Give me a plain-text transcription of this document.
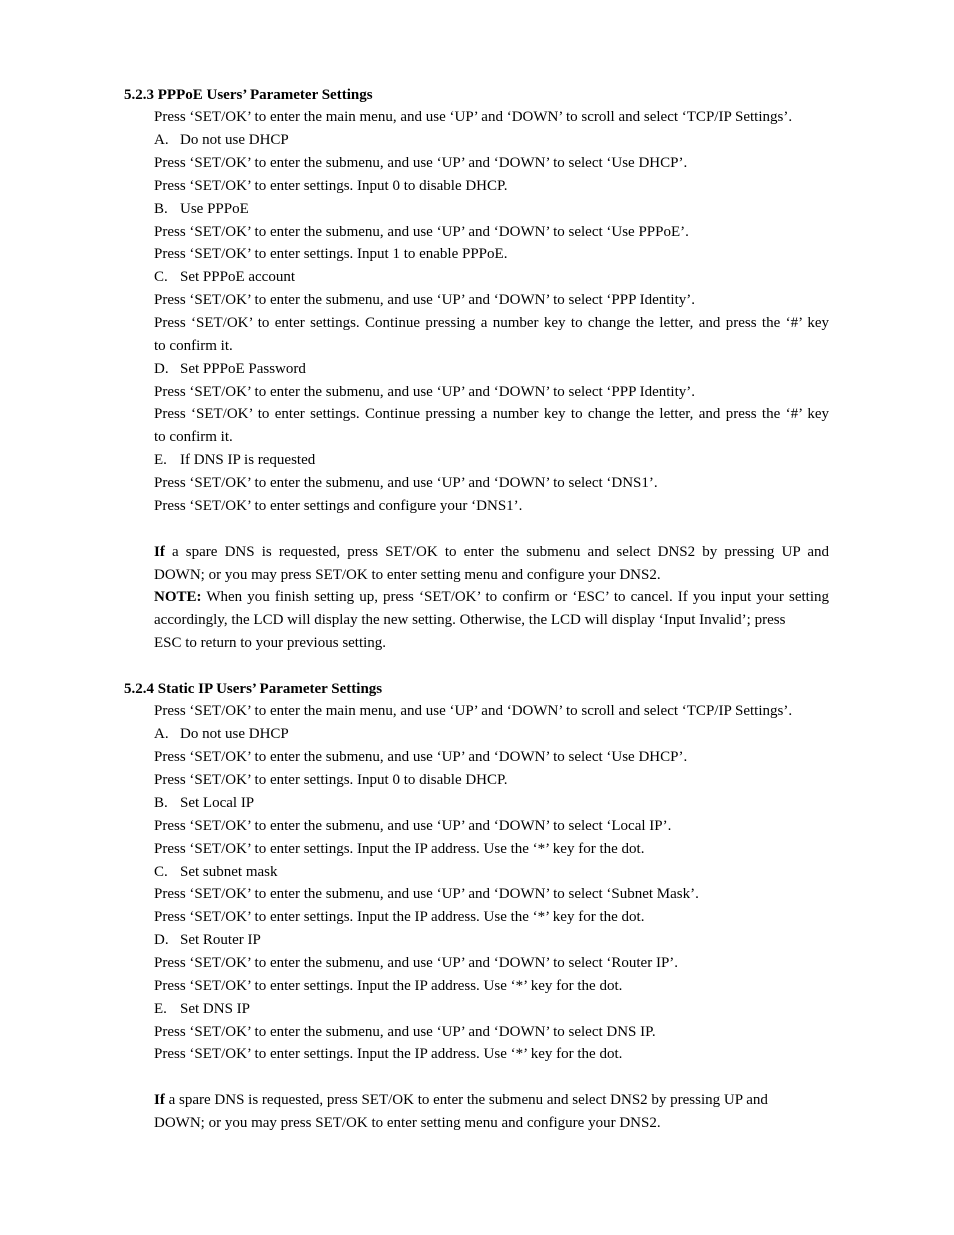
5.2.3 PPPoE Users’ Parameter Settings
Press ‘SET/OK’ to enter the main menu, and use ‘UP’ and ‘DOWN’ to scroll and select ‘TCP/IP Settings’.
A. Do not use DHCP
Press ‘SET/OK’ to enter the submenu, and use ‘UP’ and ‘DOWN’ to select ‘Use DHCP’.
Press ‘SET/OK’ to enter settings. Input 0 to disable DHCP.
B. Use PPPoE
Press ‘SET/OK’ to enter the submenu, and use ‘UP’ and ‘DOWN’ to select ‘Use PPPoE’.
Press ‘SET/OK’ to enter settings. Input 1 to enable PPPoE.
C. Set PPPoE account
Press ‘SET/OK’ to enter the submenu, and use ‘UP’ and ‘DOWN’ to select ‘PPP Identity’.
Press ‘SET/OK’ to enter settings. Continue pressing a number key to change the letter, and press the ‘#’ key
to confirm it.
D. Set PPPoE Password
Press ‘SET/OK’ to enter the submenu, and use ‘UP’ and ‘DOWN’ to select ‘PPP Identity’.
Press ‘SET/OK’ to enter settings. Continue pressing a number key to change the letter, and press the ‘#’ key
to confirm it.
E. If DNS IP is requested
Press ‘SET/OK’ to enter the submenu, and use ‘UP’ and ‘DOWN’ to select ‘DNS1’.
Press ‘SET/OK’ to enter settings and configure your ‘DNS1’.
If a spare DNS is requested, press SET/OK to enter the submenu and select DNS2 by pressing UP and
DOWN; or you may press SET/OK to enter setting menu and configure your DNS2.
NOTE: When you finish setting up, press ‘SET/OK’ to confirm or ‘ESC’ to cancel. If you input your setting
accordingly, the LCD will display the new setting. Otherwise, the LCD will display ‘Input Invalid’; press
ESC to return to your previous setting.
5.2.4 Static IP Users’ Parameter Settings
Press ‘SET/OK’ to enter the main menu, and use ‘UP’ and ‘DOWN’ to scroll and select ‘TCP/IP Settings’.
A. Do not use DHCP
Press ‘SET/OK’ to enter the submenu, and use ‘UP’ and ‘DOWN’ to select ‘Use DHCP’.
Press ‘SET/OK’ to enter settings. Input 0 to disable DHCP.
B. Set Local IP
Press ‘SET/OK’ to enter the submenu, and use ‘UP’ and ‘DOWN’ to select ‘Local IP’.
Press ‘SET/OK’ to enter settings. Input the IP address. Use the ‘*’ key for the dot.
C. Set subnet mask
Press ‘SET/OK’ to enter the submenu, and use ‘UP’ and ‘DOWN’ to select ‘Subnet Mask’.
Press ‘SET/OK’ to enter settings. Input the IP address. Use the ‘*’ key for the dot.
D. Set Router IP
Press ‘SET/OK’ to enter the submenu, and use ‘UP’ and ‘DOWN’ to select ‘Router IP’.
Press ‘SET/OK’ to enter settings. Input the IP address. Use ‘*’ key for the dot.
E. Set DNS IP
Press ‘SET/OK’ to enter the submenu, and use ‘UP’ and ‘DOWN’ to select DNS IP.
Press ‘SET/OK’ to enter settings. Input the IP address. Use ‘*’ key for the dot.
If a spare DNS is requested, press SET/OK to enter the submenu and select DNS2 by pressing UP and
DOWN; or you may press SET/OK to enter setting menu and configure your DNS2.
